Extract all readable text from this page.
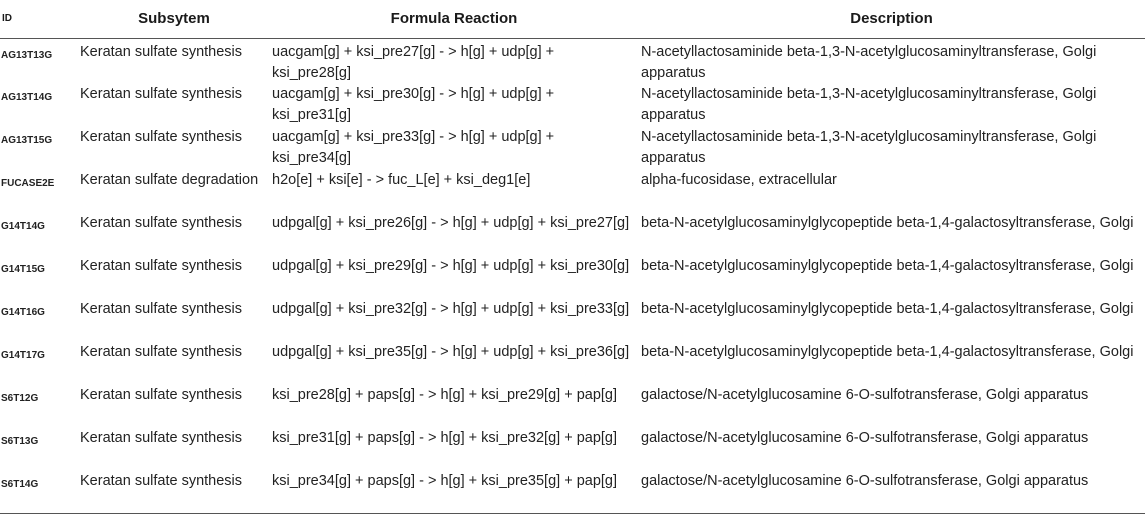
ID	Subsytem	Formula Reaction	Description
AG13T13G	Keratan sulfate synthesis	uacgam[g] + ksi_pre27[g] - > h[g] + udp[g] + ksi_pre28[g]	N-acetyllactosaminide beta-1,3-N-acetylglucosaminyltransferase, Golgi apparatus
AG13T14G	Keratan sulfate synthesis	uacgam[g] + ksi_pre30[g] - > h[g] + udp[g] + ksi_pre31[g]	N-acetyllactosaminide beta-1,3-N-acetylglucosaminyltransferase, Golgi apparatus
AG13T15G	Keratan sulfate synthesis	uacgam[g] + ksi_pre33[g] - > h[g] + udp[g] + ksi_pre34[g]	N-acetyllactosaminide beta-1,3-N-acetylglucosaminyltransferase, Golgi apparatus
FUCASE2E	Keratan sulfate degradation	h2o[e] + ksi[e] - > fuc_L[e] + ksi_deg1[e]	alpha-fucosidase, extracellular
G14T14G	Keratan sulfate synthesis	udpgal[g] + ksi_pre26[g] - > h[g] + udp[g] + ksi_pre27[g]	beta-N-acetylglucosaminylglycopeptide beta-1,4-galactosyltransferase, Golgi
G14T15G	Keratan sulfate synthesis	udpgal[g] + ksi_pre29[g] - > h[g] + udp[g] + ksi_pre30[g]	beta-N-acetylglucosaminylglycopeptide beta-1,4-galactosyltransferase, Golgi
G14T16G	Keratan sulfate synthesis	udpgal[g] + ksi_pre32[g] - > h[g] + udp[g] + ksi_pre33[g]	beta-N-acetylglucosaminylglycopeptide beta-1,4-galactosyltransferase, Golgi
G14T17G	Keratan sulfate synthesis	udpgal[g] + ksi_pre35[g] - > h[g] + udp[g] + ksi_pre36[g]	beta-N-acetylglucosaminylglycopeptide beta-1,4-galactosyltransferase, Golgi
S6T12G	Keratan sulfate synthesis	ksi_pre28[g] + paps[g] - > h[g] + ksi_pre29[g] + pap[g]	galactose/N-acetylglucosamine 6-O-sulfotransferase, Golgi apparatus
S6T13G	Keratan sulfate synthesis	ksi_pre31[g] + paps[g] - > h[g] + ksi_pre32[g] + pap[g]	galactose/N-acetylglucosamine 6-O-sulfotransferase, Golgi apparatus
S6T14G	Keratan sulfate synthesis	ksi_pre34[g] + paps[g] - > h[g] + ksi_pre35[g] + pap[g]	galactose/N-acetylglucosamine 6-O-sulfotransferase, Golgi apparatus
